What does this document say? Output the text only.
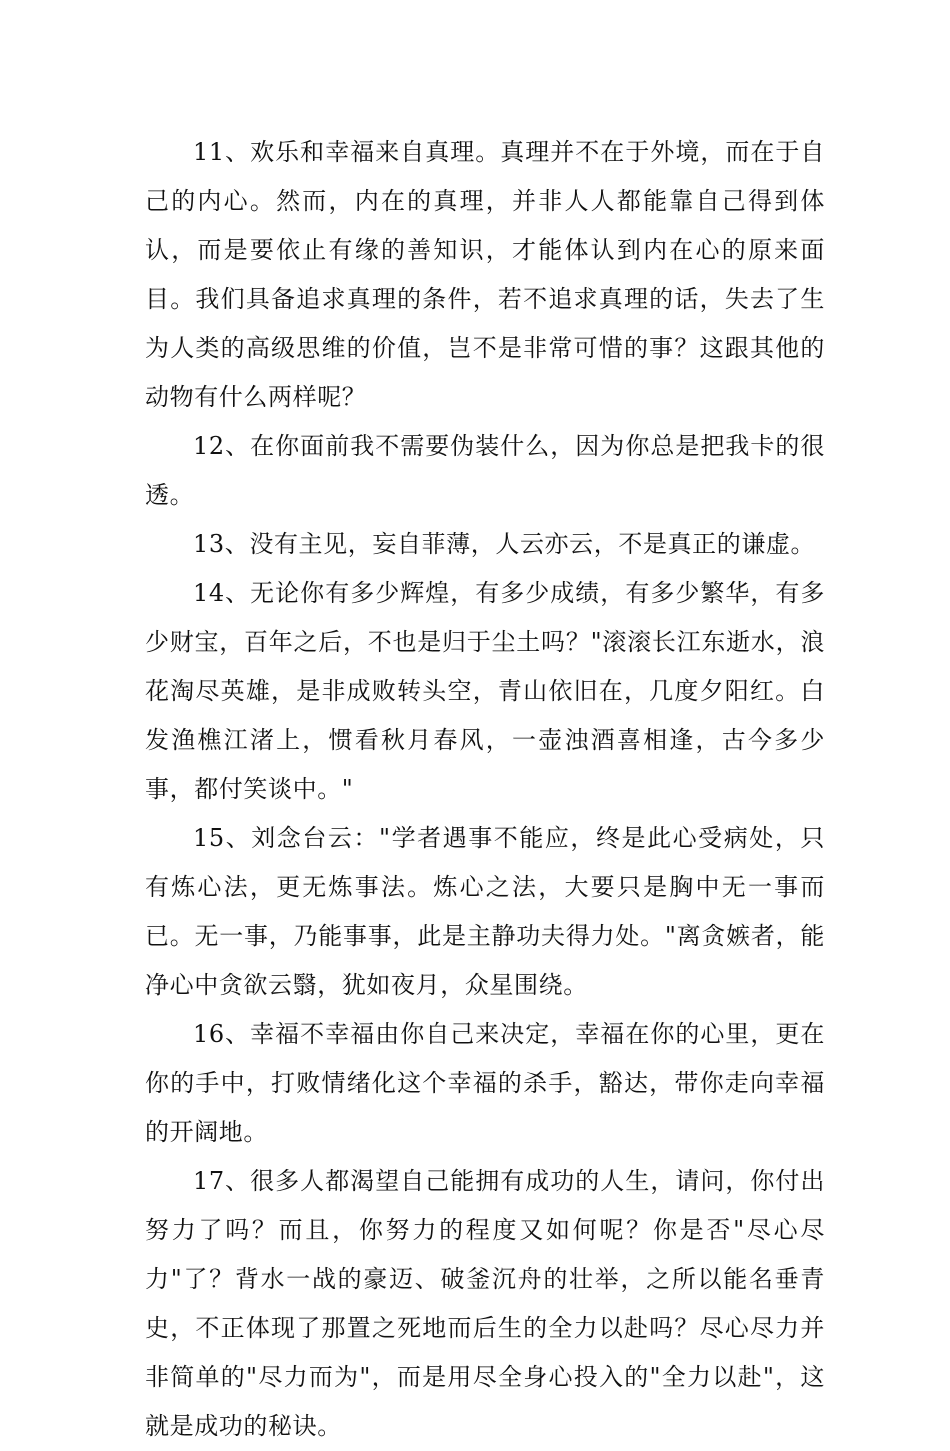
11、欢乐和幸福来自真理。真理并不在于外境，而在于自己的内心。然而，内在的真理，并非人人都能靠自己得到体认，而是要依止有缘的善知识，才能体认到内在心的原来面目。我们具备追求真理的条件，若不追求真理的话，失去了生为人类的高级思维的价值，岂不是非常可惜的事？这跟其他的动物有什么两样呢？

12、在你面前我不需要伪装什么，因为你总是把我卡的很透。

13、没有主见，妄自菲薄，人云亦云，不是真正的谦虚。

14、无论你有多少辉煌，有多少成绩，有多少繁华，有多少财宝，百年之后，不也是归于尘土吗？"滚滚长江东逝水，浪花淘尽英雄，是非成败转头空，青山依旧在，几度夕阳红。白发渔樵江渚上，惯看秋月春风，一壶浊酒喜相逢，古今多少事，都付笑谈中。"

15、刘念台云："学者遇事不能应，终是此心受病处，只有炼心法，更无炼事法。炼心之法，大要只是胸中无一事而已。无一事，乃能事事，此是主静功夫得力处。"离贪嫉者，能净心中贪欲云翳，犹如夜月，众星围绕。

16、幸福不幸福由你自己来决定，幸福在你的心里，更在你的手中，打败情绪化这个幸福的杀手，豁达，带你走向幸福的开阔地。

17、很多人都渴望自己能拥有成功的人生，请问，你付出努力了吗？而且，你努力的程度又如何呢？你是否"尽心尽力"了？背水一战的豪迈、破釜沉舟的壮举，之所以能名垂青史，不正体现了那置之死地而后生的全力以赴吗？尽心尽力并非简单的"尽力而为"，而是用尽全身心投入的"全力以赴"，这就是成功的秘诀。
